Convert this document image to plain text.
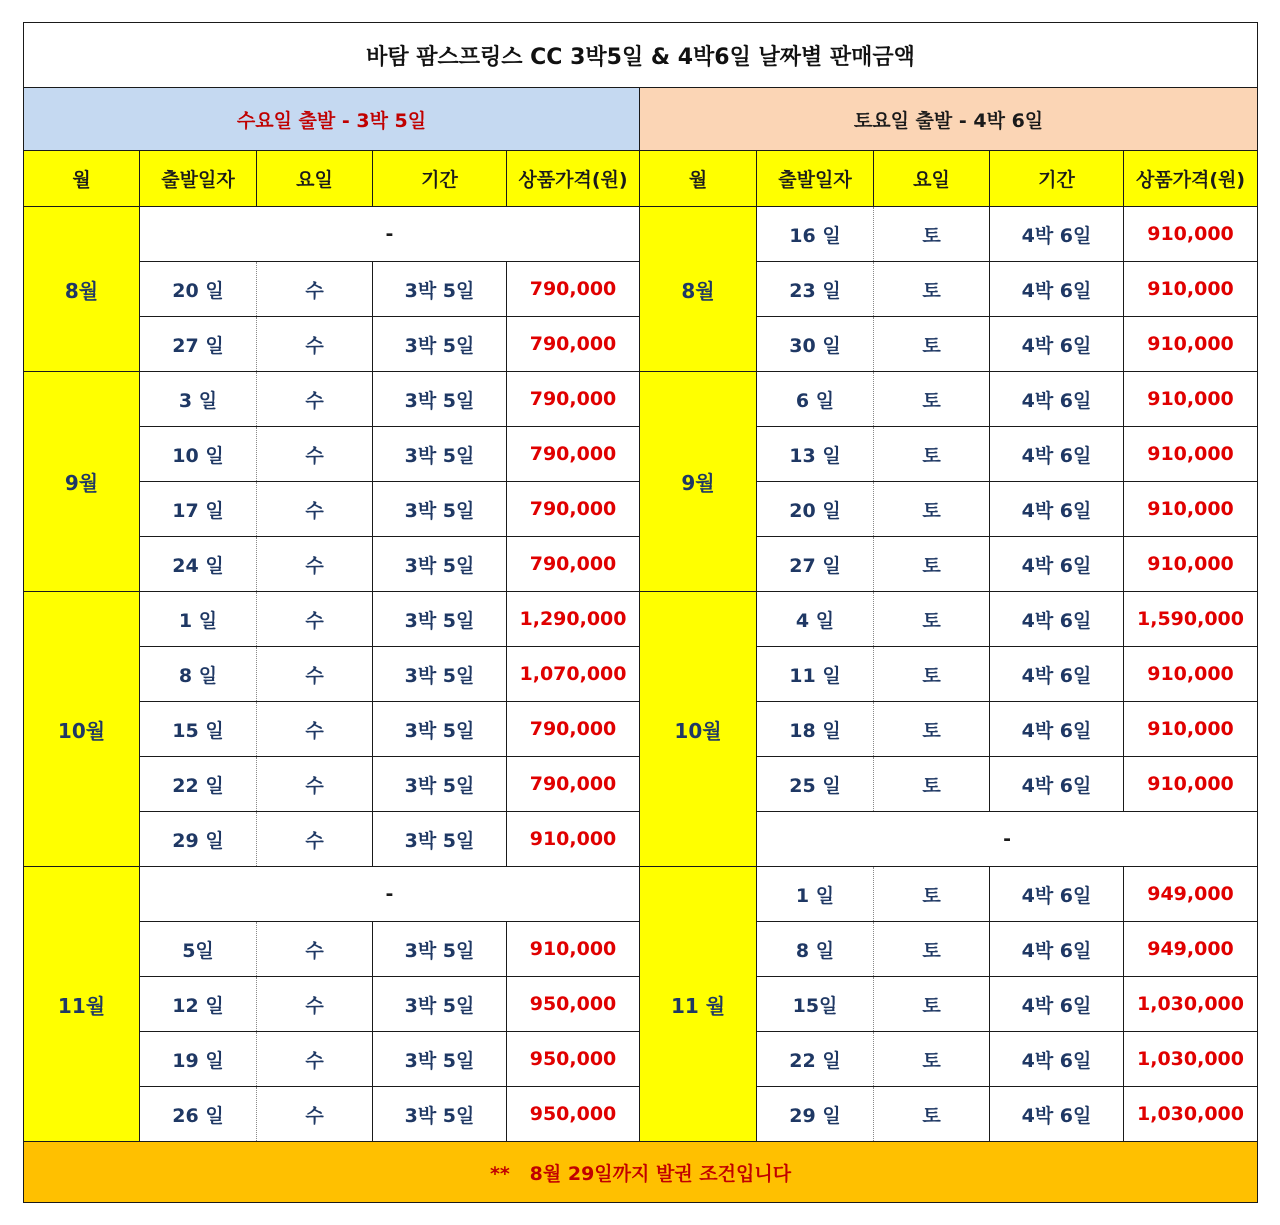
바탐 팜스프링스 CC 3박5일 & 4박6일 날짜별 판매금액									
수요일 출발 - 3박 5일					토요일 출발 - 4박 6일				
월	출발일자	요일	기간	상품가격(원)	월	출발일자	요일	기간	상품가격(원)
8월	-				8월	16 일	토	4박 6일	910,000
	20 일	수	3박 5일	790,000		23 일	토	4박 6일	910,000
	27 일	수	3박 5일	790,000		30 일	토	4박 6일	910,000
9월	3 일	수	3박 5일	790,000	9월	6 일	토	4박 6일	910,000
	10 일	수	3박 5일	790,000		13 일	토	4박 6일	910,000
	17 일	수	3박 5일	790,000		20 일	토	4박 6일	910,000
	24 일	수	3박 5일	790,000		27 일	토	4박 6일	910,000
10월	1 일	수	3박 5일	1,290,000	10월	4 일	토	4박 6일	1,590,000
	8 일	수	3박 5일	1,070,000		11 일	토	4박 6일	910,000
	15 일	수	3박 5일	790,000		18 일	토	4박 6일	910,000
	22 일	수	3박 5일	790,000		25 일	토	4박 6일	910,000
	29 일	수	3박 5일	910,000		-			
11월	-				11 월	1 일	토	4박 6일	949,000
	5일	수	3박 5일	910,000		8 일	토	4박 6일	949,000
	12 일	수	3박 5일	950,000		15일	토	4박 6일	1,030,000
	19 일	수	3박 5일	950,000		22 일	토	4박 6일	1,030,000
	26 일	수	3박 5일	950,000		29 일	토	4박 6일	1,030,000
**   8월 29일까지 발권 조건입니다									
